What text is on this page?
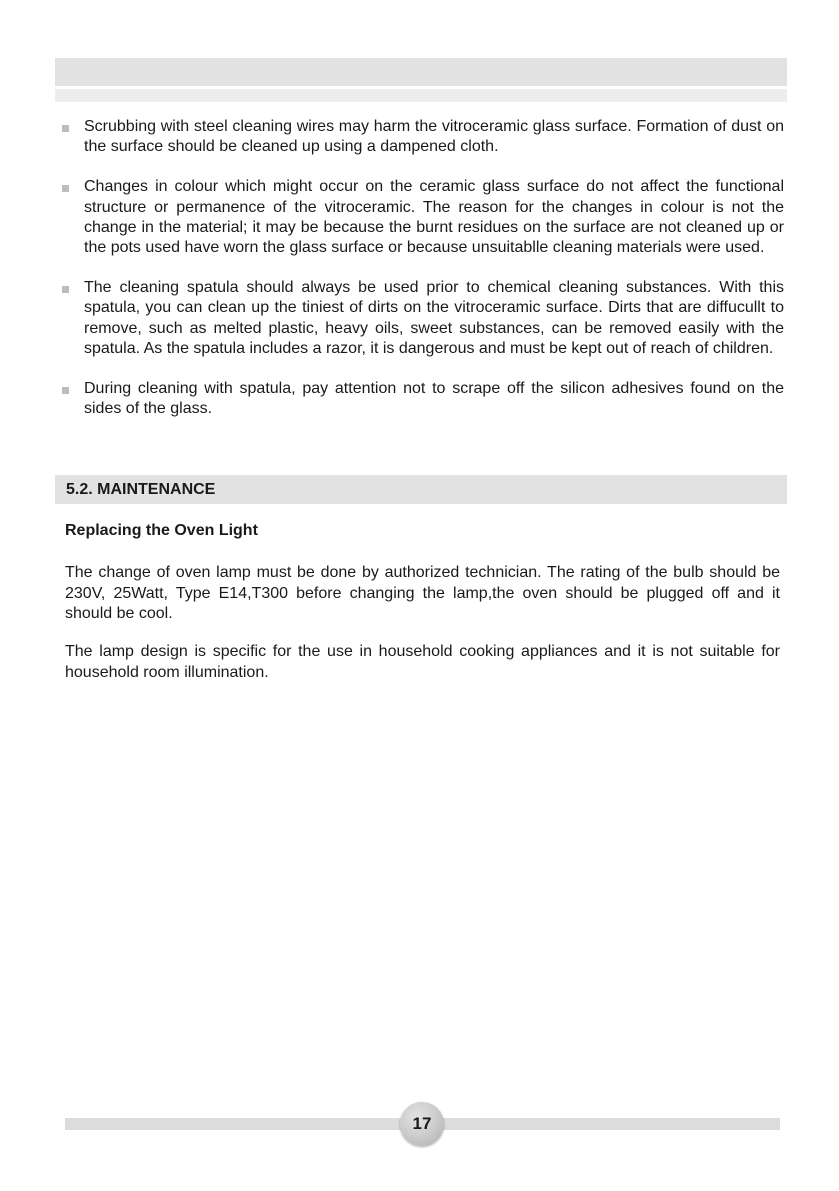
Scrubbing with steel cleaning wires may harm the vitroceramic glass surface. Formation of dust on the surface should be cleaned up using a dampened cloth.
Changes in colour which might occur on the ceramic glass surface do not affect the functional structure or permanence of the vitroceramic. The reason for the changes in colour is not the change in the material; it may be because the burnt residues on the surface are not cleaned up or the pots used have worn the glass surface or because unsuitablle cleaning materials were used.
The cleaning spatula should always be used prior to chemical cleaning substances. With this spatula, you can clean up the tiniest of dirts on the vitroceramic surface. Dirts that are diffucullt to remove, such as melted plastic, heavy oils, sweet substances, can be removed easily with the spatula. As the spatula includes a razor, it is dangerous and must be kept out of reach of children.
During cleaning with spatula, pay attention not to scrape off the silicon adhesives found on the sides of the glass.
5.2. MAINTENANCE
Replacing the Oven Light

The change of oven lamp must be done by authorized technician. The rating of the bulb should be 230V, 25Watt, Type E14,T300 before changing the lamp,the oven should be plugged off and it should be cool.

The lamp design is specific for the use in household cooking appliances and it is not suitable for household room illumination.

17
